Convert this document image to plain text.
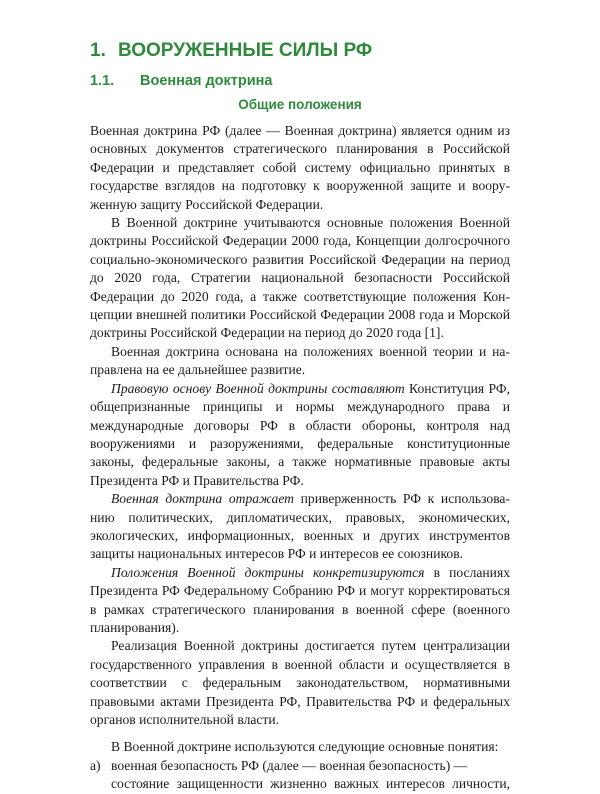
1. ВООРУЖЕННЫЕ СИЛЫ РФ
1.1. Военная доктрина
Общие положения

Военная доктрина РФ (далее — Военная доктрина) является одним из основных документов стратегического планирования в Российской Федерации и представляет собой систему официально принятых в государстве взглядов на подготовку к вооруженной защите и вооруженную защиту Российской Федерации.

В Военной доктрине учитываются основные положения Военной доктрины Российской Федерации 2000 года, Концепции долгосрочного социально-экономического развития Российской Федерации на период до 2020 года, Стратегии национальной безопасности Российской Федерации до 2020 года, а также соответствующие положения Концепции внешней политики Российской Федерации 2008 года и Морской доктрины Российской Федерации на период до 2020 года [1].

Военная доктрина основана на положениях военной теории и направлена на ее дальнейшее развитие.

Правовую основу Военной доктрины составляют Конституция РФ, общепризнанные принципы и нормы международного права и международные договоры РФ в области обороны, контроля над вооружениями и разоружениями, федеральные конституционные законы, федеральные законы, а также нормативные правовые акты Президента РФ и Правительства РФ.

Военная доктрина отражает приверженность РФ к использованию политических, дипломатических, правовых, экономических, экологических, информационных, военных и других инструментов защиты национальных интересов РФ и интересов ее союзников.

Положения Военной доктрины конкретизируются в посланиях Президента РФ Федеральному Собранию РФ и могут корректироваться в рамках стратегического планирования в военной сфере (военного планирования).

Реализация Военной доктрины достигается путем централизации государственного управления в военной области и осуществляется в соответствии с федеральным законодательством, нормативными правовыми актами Президента РФ, Правительства РФ и федеральных органов исполнительной власти.

В Военной доктрине используются следующие основные понятия:

а) военная безопасность РФ (далее — военная безопасность) —

состояние защищенности жизненно важных интересов личности,
